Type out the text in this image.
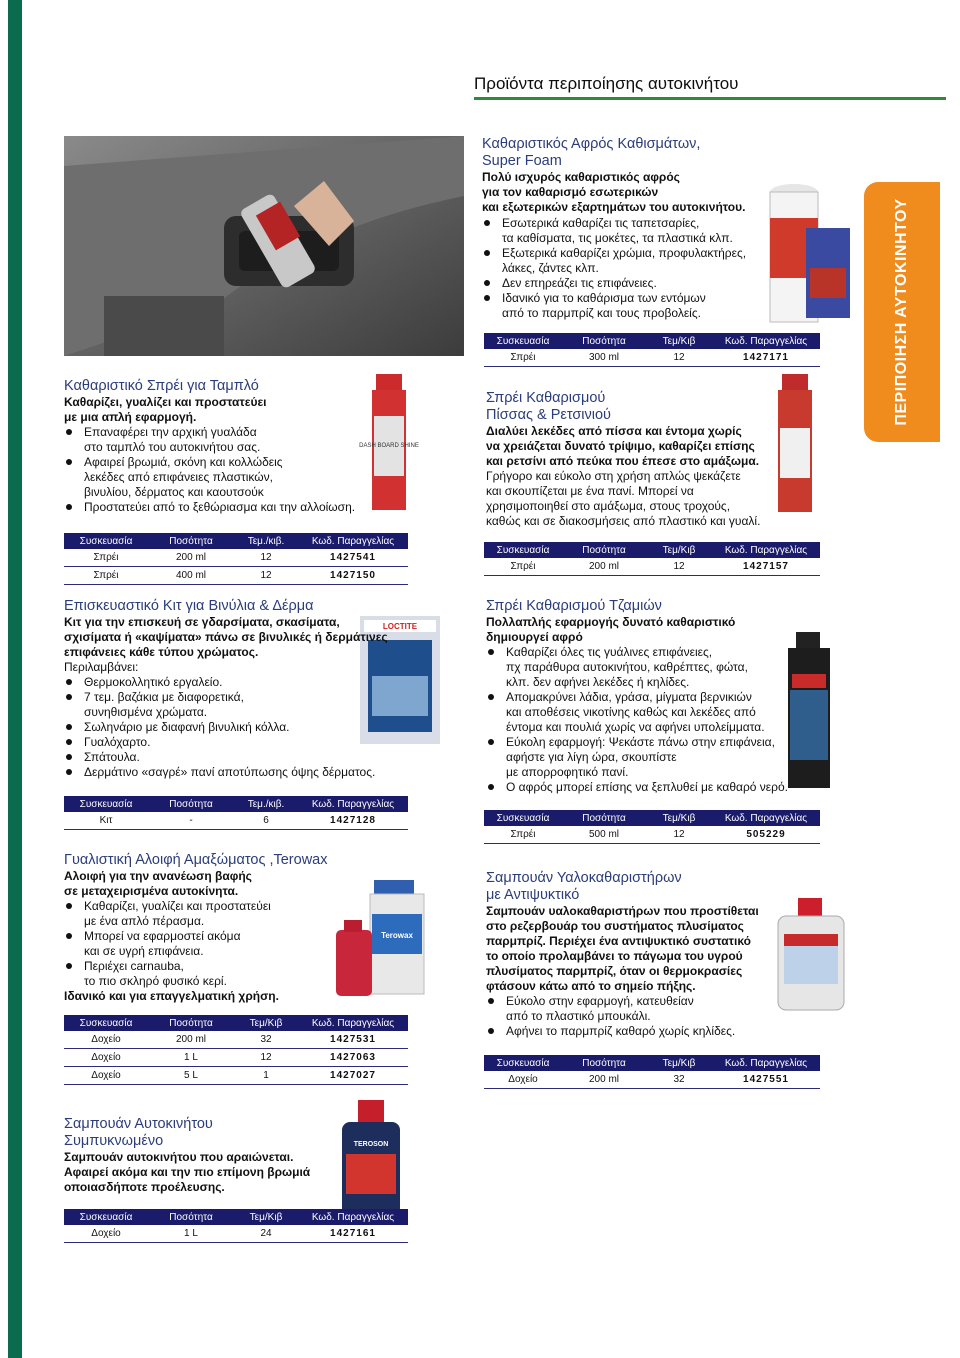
Προϊόντα περιποίησης αυτοκινήτου
ΠΕΡΙΠΟΙΗΣΗ ΑΥΤΟΚΙΝΗΤΟΥ
DASH BOARD SHINE
LOCTITE
Terowax
TEROSON
Καθαριστικός Αφρός Καθισμάτων,
Super Foam
Πολύ ισχυρός καθαριστικός αφρός
για τον καθαρισμό εσωτερικών
και εξωτερικών εξαρτημάτων του αυτοκινήτου.
Εσωτερικά καθαρίζει τις ταπετσαρίες,
τα καθίσματα, τις μοκέτες, τα πλαστικά κλπ.
Εξωτερικά καθαρίζει χρώμια, προφυλακτήρες,
λάκες, ζάντες κλπ.
Δεν επηρεάζει τις επιφάνειες.
Ιδανικό για το καθάρισμα των εντόμων
από το παρμπρίζ και τους προβολείς.
Συσκευασία	Ποσότητα	Τεμ/Κιβ	Κωδ. Παραγγελίας
Σπρέι	300 ml	12	1427171
Καθαριστικό Σπρέι για Ταμπλό
Καθαρίζει, γυαλίζει και προστατεύει
με μια απλή εφαρμογή.
Επαναφέρει την αρχική γυαλάδα
στο ταμπλό του αυτοκινήτου σας.
Αφαιρεί βρωμιά, σκόνη και κολλώδεις
λεκέδες από επιφάνειες πλαστικών,
βινυλίου, δέρματος και καουτσούκ
Προστατεύει από το ξεθώριασμα και την αλλοίωση.
Συσκευασία	Ποσότητα	Τεμ./κιβ.	Κωδ. Παραγγελίας
Σπρέι	200 ml	12	1427541
Σπρέι	400 ml	12	1427150
Σπρέι Καθαρισμού
Πίσσας & Ρετσινιού
Διαλύει λεκέδες από πίσσα και έντομα χωρίς
να χρειάζεται δυνατό τρίψιμο, καθαρίζει επίσης
και ρετσίνι από πεύκα που έπεσε στο αμάξωμα.
Γρήγορο και εύκολο στη χρήση απλώς ψεκάζετε
και σκουπίζεται με ένα πανί. Μπορεί να
χρησιμοποιηθεί στο αμάξωμα, στους τροχούς,
καθώς και σε διακοσμήσεις από πλαστικό και γυαλί.
Συσκευασία	Ποσότητα	Τεμ/Κιβ	Κωδ. Παραγγελίας
Σπρέι	200 ml	12	1427157
Επισκευαστικό Κιτ για Βινύλια & Δέρμα
Κιτ για την επισκευή σε γδαρσίματα, σκασίματα,
σχισίματα ή «καψίματα» πάνω σε βινυλικές ή δερμάτινες
επιφάνειες κάθε τύπου χρώματος.
Περιλαμβάνει:
Θερμοκολλητικό εργαλείο.
7 τεμ. βαζάκια με διαφορετικά,
συνηθισμένα χρώματα.
Σωληνάριο με διαφανή βινυλική κόλλα.
Γυαλόχαρτο.
Σπάτουλα.
Δερμάτινο «σαγρέ» πανί αποτύπωσης όψης δέρματος.
Συσκευασία	Ποσότητα	Τεμ./κιβ.	Κωδ. Παραγγελίας
Κιτ	-	6	1427128
Σπρέι Καθαρισμού Τζαμιών
Πολλαπλής εφαρμογής δυνατό καθαριστικό
δημιουργεί αφρό
Καθαρίζει όλες τις γυάλινες επιφάνειες,
πχ παράθυρα αυτοκινήτου, καθρέπτες, φώτα,
κλπ. δεν αφήνει λεκέδες ή κηλίδες.
Απομακρύνει λάδια, γράσα, μίγματα βερνικιών
και αποθέσεις νικοτίνης καθώς και λεκέδες από
έντομα και πουλιά χωρίς να αφήνει υπολείμματα.
Εύκολη εφαρμογή: Ψεκάστε πάνω στην επιφάνεια,
αφήστε για λίγη ώρα, σκουπίστε
με απορροφητικό πανί.
Ο αφρός μπορεί επίσης να ξεπλυθεί με καθαρό νερό.
Συσκευασία	Ποσότητα	Τεμ/Κιβ	Κωδ. Παραγγελίας
Σπρέι	500 ml	12	505229
Γυαλιστική Αλοιφή Αμαξώματος ,Terowax
Αλοιφή για την ανανέωση βαφής
σε μεταχειρισμένα αυτοκίνητα.
Καθαρίζει, γυαλίζει και προστατεύει
με ένα απλό πέρασμα.
Μπορεί να εφαρμοστεί ακόμα
και σε υγρή επιφάνεια.
Περιέχει carnauba,
το πιο σκληρό φυσικό κερί.
Ιδανικό και για επαγγελματική χρήση.
Συσκευασία	Ποσότητα	Τεμ/Κιβ	Κωδ. Παραγγελίας
Δοχείο	200 ml	32	1427531
Δοχείο	1 L	12	1427063
Δοχείο	5 L	1	1427027
Σαμπουάν Υαλοκαθαριστήρων
με Αντιψυκτικό
Σαμπουάν υαλοκαθαριστήρων που προστίθεται
στο ρεζερβουάρ του συστήματος πλυσίματος
παρμπρίζ. Περιέχει ένα αντιψυκτικό συστατικό
το οποίο προλαμβάνει το πάγωμα του υγρού
πλυσίματος παρμπρίζ, όταν οι θερμοκρασίες
φτάσουν κάτω από το σημείο πήξης.
Εύκολο στην εφαρμογή, κατευθείαν
από το πλαστικό μπουκάλι.
Αφήνει το παρμπρίζ καθαρό χωρίς κηλίδες.
Συσκευασία	Ποσότητα	Τεμ/Κιβ	Κωδ. Παραγγελίας
Δοχείο	200 ml	32	1427551
Σαμπουάν Αυτοκινήτου
Συμπυκνωμένο
Σαμπουάν αυτοκινήτου που αραιώνεται.
Αφαιρεί ακόμα και την πιο επίμονη βρωμιά
οποιασδήποτε προέλευσης.
Συσκευασία	Ποσότητα	Τεμ/Κιβ	Κωδ. Παραγγελίας
Δοχείο	1 L	24	1427161
